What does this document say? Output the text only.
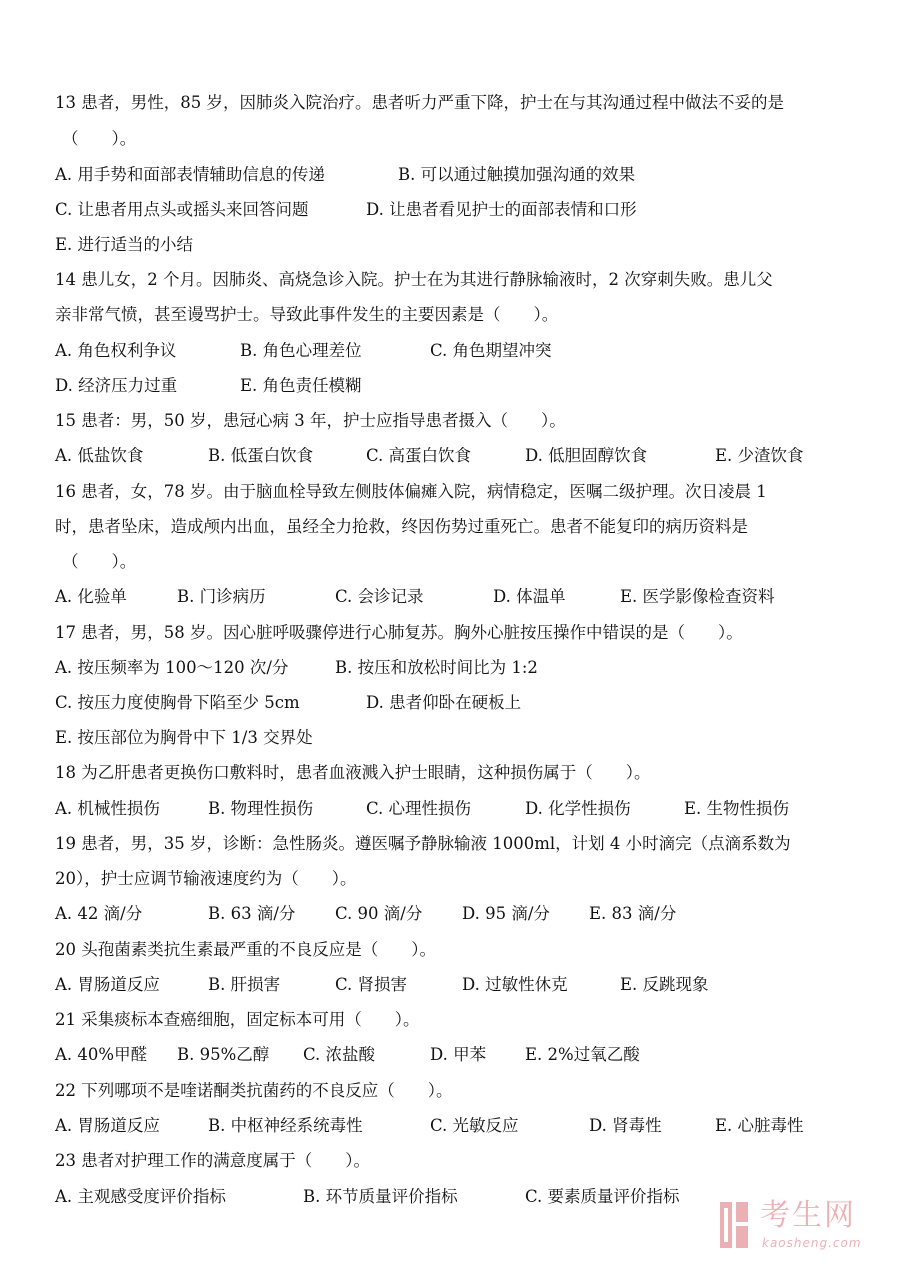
13 患者，男性，85 岁，因肺炎入院治疗。患者听力严重下降，护士在与其沟通过程中做法不妥的是
（　　）。
A. 用手势和面部表情辅助信息的传递	B. 可以通过触摸加强沟通的效果
C. 让患者用点头或摇头来回答问题	D. 让患者看见护士的面部表情和口形
E. 进行适当的小结
14 患儿女，2 个月。因肺炎、高烧急诊入院。护士在为其进行静脉输液时，2 次穿刺失败。患儿父
亲非常气愤，甚至谩骂护士。导致此事件发生的主要因素是（　　）。
A. 角色权利争议	B. 角色心理差位	C. 角色期望冲突
D. 经济压力过重	E. 角色责任模糊
15 患者：男，50 岁，患冠心病 3 年，护士应指导患者摄入（　　）。
A. 低盐饮食	B. 低蛋白饮食	C. 高蛋白饮食	D. 低胆固醇饮食	E. 少渣饮食
16 患者，女，78 岁。由于脑血栓导致左侧肢体偏瘫入院，病情稳定，医嘱二级护理。次日凌晨 1
时，患者坠床，造成颅内出血，虽经全力抢救，终因伤势过重死亡。患者不能复印的病历资料是
（　　）。
A. 化验单	B. 门诊病历	C. 会诊记录	D. 体温单	E. 医学影像检查资料
17 患者，男，58 岁。因心脏呼吸骤停进行心肺复苏。胸外心脏按压操作中错误的是（　　）。
A. 按压频率为 100～120 次/分	B. 按压和放松时间比为 1:2
C. 按压力度使胸骨下陷至少 5cm	D. 患者仰卧在硬板上
E. 按压部位为胸骨中下 1/3 交界处
18 为乙肝患者更换伤口敷料时，患者血液溅入护士眼睛，这种损伤属于（　　）。
A. 机械性损伤	B. 物理性损伤	C. 心理性损伤	D. 化学性损伤	E. 生物性损伤
19 患者，男，35 岁，诊断：急性肠炎。遵医嘱予静脉输液 1000ml，计划 4 小时滴完（点滴系数为
20），护士应调节输液速度约为（　　）。
A. 42 滴/分	B. 63 滴/分 C. 90 滴/分 D. 95 滴/分 E. 83 滴/分
20 头孢菌素类抗生素最严重的不良反应是（　　）。
A. 胃肠道反应	B. 肝损害	C. 肾损害	D. 过敏性休克	E. 反跳现象
21 采集痰标本查癌细胞，固定标本可用（　　）。
A. 40%甲醛 B. 95%乙醇 C. 浓盐酸	D. 甲苯 E. 2%过氧乙酸
22 下列哪项不是喹诺酮类抗菌药的不良反应（　　）。
A. 胃肠道反应	B. 中枢神经系统毒性	C. 光敏反应	D. 肾毒性	E. 心脏毒性
23 患者对护理工作的满意度属于（　　）。
A. 主观感受度评价指标	B. 环节质量评价指标	C. 要素质量评价指标
考生网
kaosheng.com
